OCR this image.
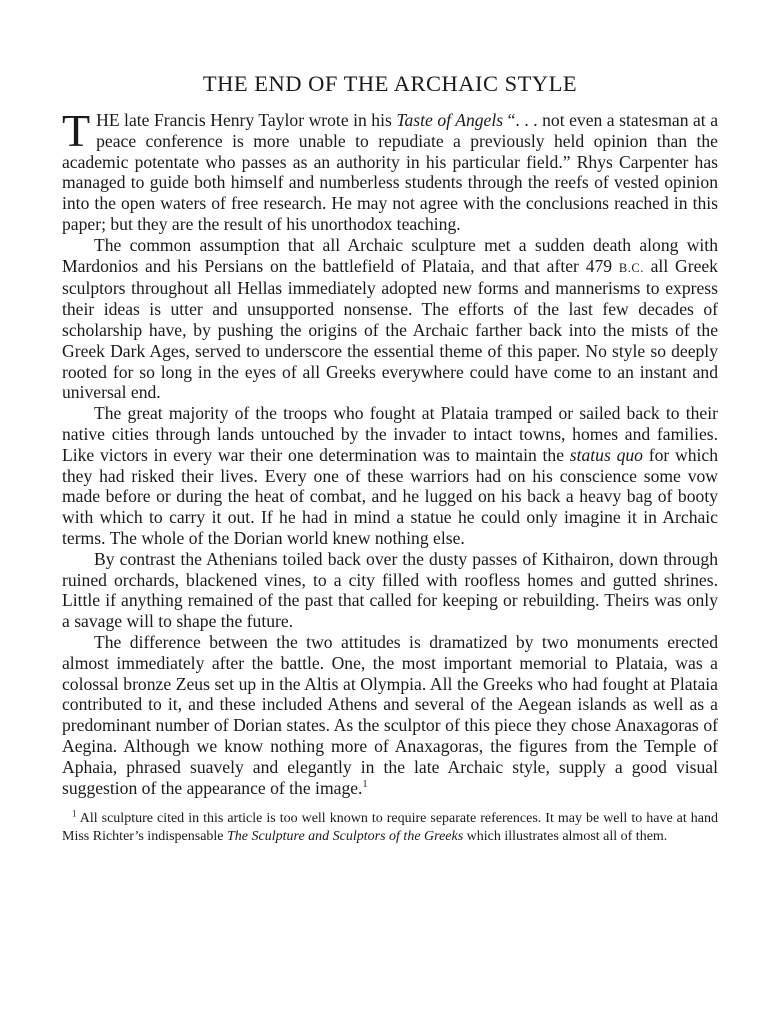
THE END OF THE ARCHAIC STYLE

THE late Francis Henry Taylor wrote in his Taste of Angels “. . . not even a statesman at a peace conference is more unable to repudiate a previously held opinion than the academic potentate who passes as an authority in his particular field.” Rhys Carpenter has managed to guide both himself and numberless students through the reefs of vested opinion into the open waters of free research. He may not agree with the conclusions reached in this paper; but they are the result of his unorthodox teaching.

The common assumption that all Archaic sculpture met a sudden death along with Mardonios and his Persians on the battlefield of Plataia, and that after 479 B.C. all Greek sculptors throughout all Hellas immediately adopted new forms and mannerisms to express their ideas is utter and unsupported nonsense. The efforts of the last few decades of scholarship have, by pushing the origins of the Archaic farther back into the mists of the Greek Dark Ages, served to underscore the essential theme of this paper. No style so deeply rooted for so long in the eyes of all Greeks everywhere could have come to an instant and universal end.

The great majority of the troops who fought at Plataia tramped or sailed back to their native cities through lands untouched by the invader to intact towns, homes and families. Like victors in every war their one determination was to maintain the status quo for which they had risked their lives. Every one of these warriors had on his conscience some vow made before or during the heat of combat, and he lugged on his back a heavy bag of booty with which to carry it out. If he had in mind a statue he could only imagine it in Archaic terms. The whole of the Dorian world knew nothing else.

By contrast the Athenians toiled back over the dusty passes of Kithairon, down through ruined orchards, blackened vines, to a city filled with roofless homes and gutted shrines. Little if anything remained of the past that called for keeping or rebuilding. Theirs was only a savage will to shape the future.

The difference between the two attitudes is dramatized by two monuments erected almost immediately after the battle. One, the most important memorial to Plataia, was a colossal bronze Zeus set up in the Altis at Olympia. All the Greeks who had fought at Plataia contributed to it, and these included Athens and several of the Aegean islands as well as a predominant number of Dorian states. As the sculptor of this piece they chose Anaxagoras of Aegina. Although we know nothing more of Anaxagoras, the figures from the Temple of Aphaia, phrased suavely and elegantly in the late Archaic style, supply a good visual suggestion of the appearance of the image.$^1$

$^1$ All sculpture cited in this article is too well known to require separate references. It may be well to have at hand Miss Richter’s indispensable The Sculpture and Sculptors of the Greeks which illustrates almost all of them.
